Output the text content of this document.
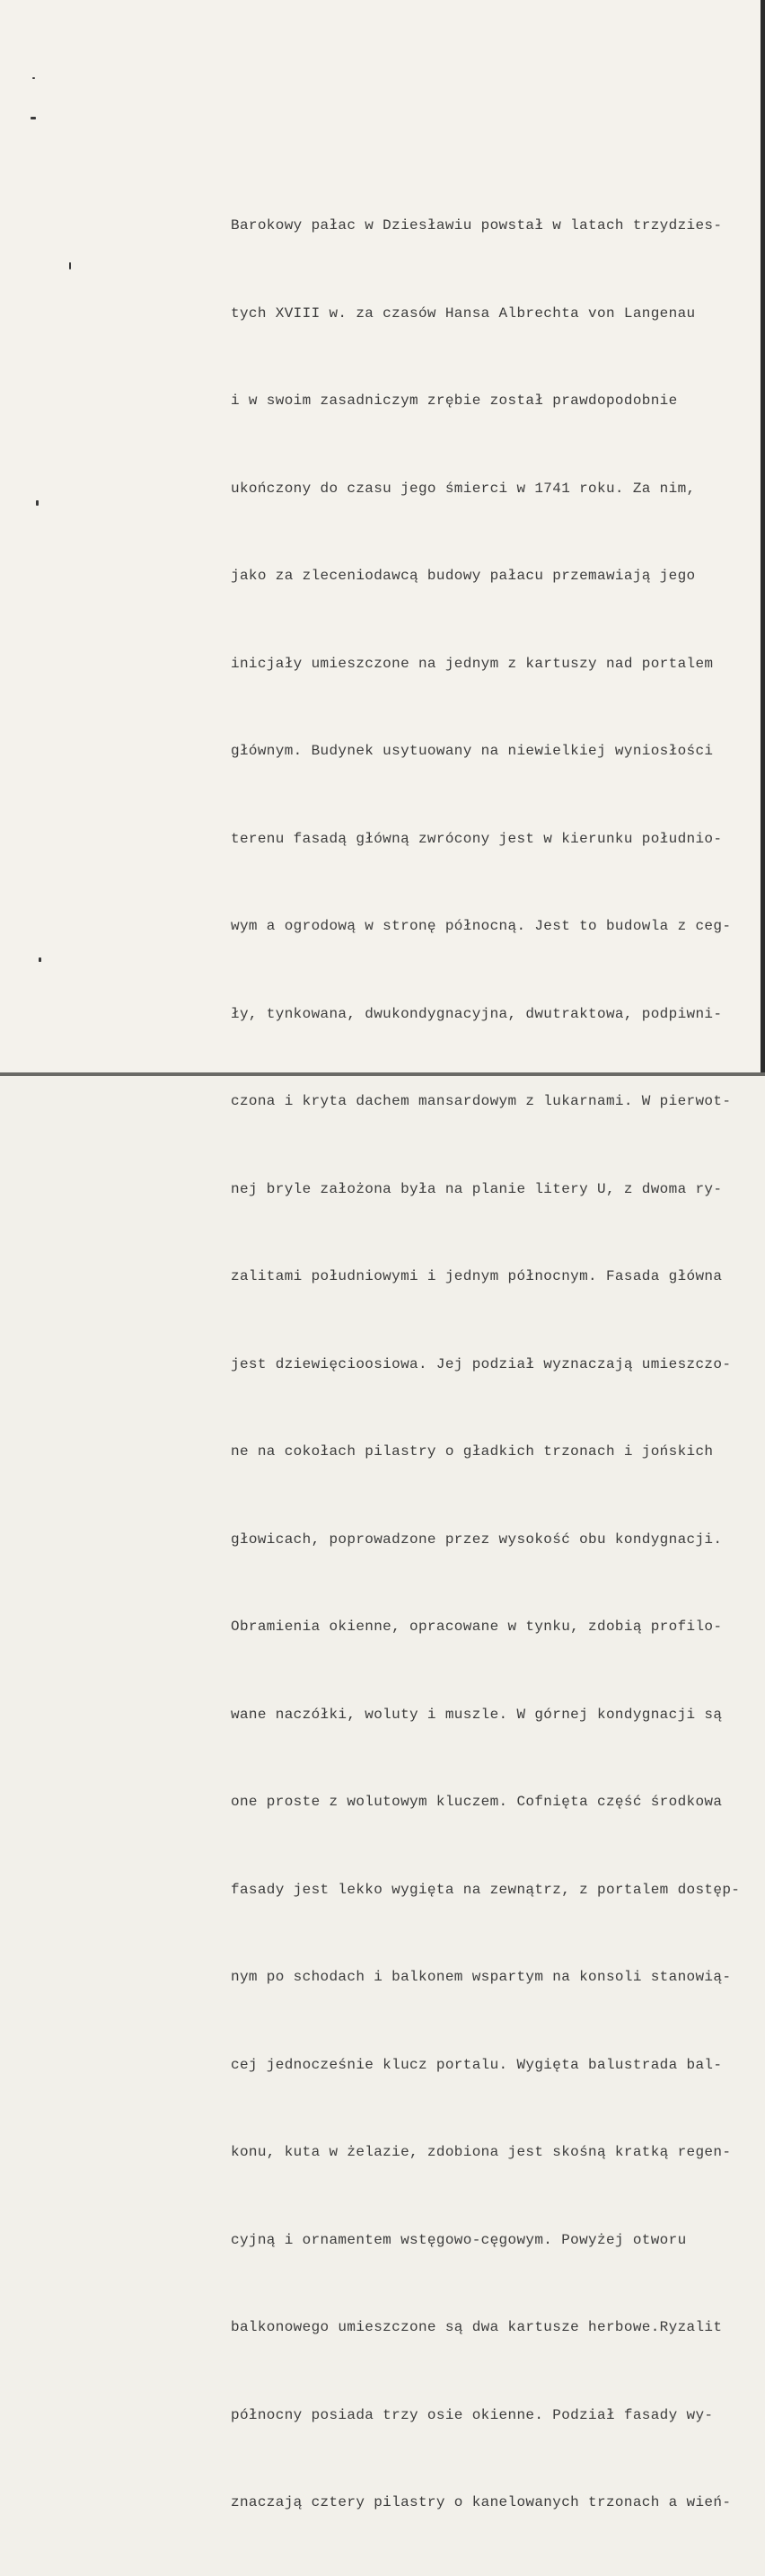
Barokowy pałac w Dziesławiu powstał w latach trzydzies-

tych XVIII w. za czasów Hansa Albrechta von Langenau

i w swoim zasadniczym zrębie został prawdopodobnie

ukończony do czasu jego śmierci w 1741 roku. Za nim,

jako za zleceniodawcą budowy pałacu przemawiają jego

inicjały umieszczone na jednym z kartuszy nad portalem

głównym. Budynek usytuowany na niewielkiej wyniosłości

terenu fasadą główną zwrócony jest w kierunku południo-

wym a ogrodową w stronę północną. Jest to budowla z ceg-

ły, tynkowana, dwukondygnacyjna, dwutraktowa, podpiwni-

czona i kryta dachem mansardowym z lukarnami. W pierwot-

nej bryle założona była na planie litery U, z dwoma ry-

zalitami południowymi i jednym północnym. Fasada główna

jest dziewięcioosiowa. Jej podział wyznaczają umieszczo-

ne na cokołach pilastry o gładkich trzonach i jońskich

głowicach, poprowadzone przez wysokość obu kondygnacji.

Obramienia okienne, opracowane w tynku, zdobią profilo-

wane naczółki, woluty i muszle. W górnej kondygnacji są

one proste z wolutowym kluczem. Cofnięta część środkowa

fasady jest lekko wygięta na zewnątrz, z portalem dostęp-

nym po schodach i balkonem wspartym na konsoli stanowią-

cej jednocześnie klucz portalu. Wygięta balustrada bal-

konu, kuta w żelazie, zdobiona jest skośną kratką regen-

cyjną i ornamentem wstęgowo-cęgowym. Powyżej otworu

balkonowego umieszczone są dwa kartusze herbowe.Ryzalit

północny posiada trzy osie okienne. Podział fasady wy-

znaczają cztery pilastry o kanelowanych trzonach a wień-
